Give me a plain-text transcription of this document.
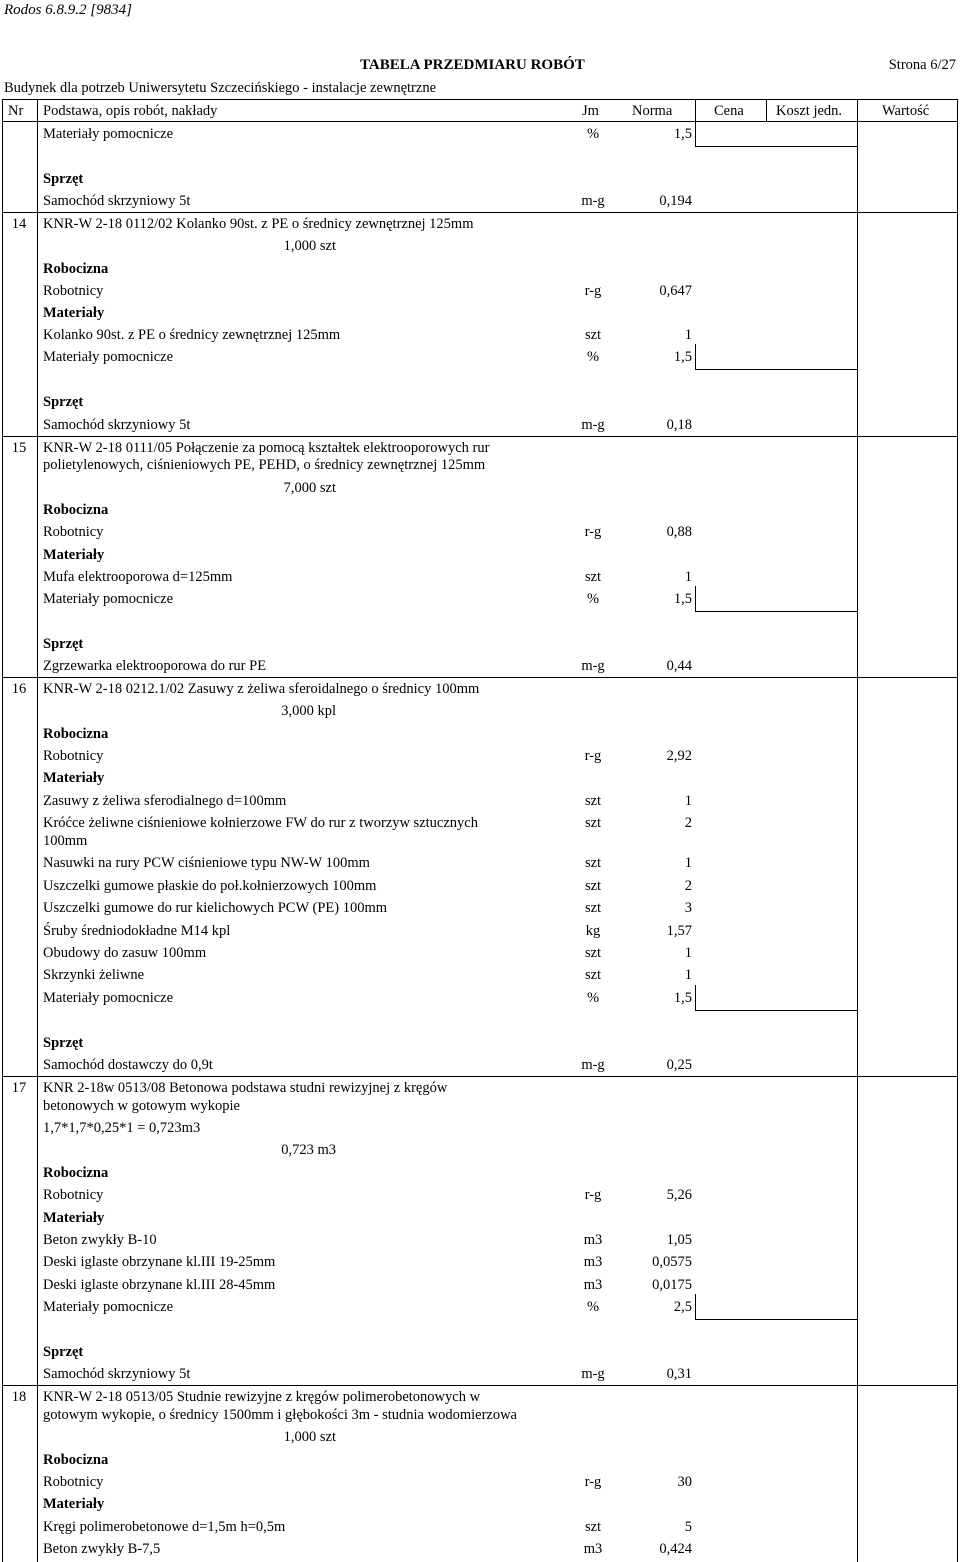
Rodos 6.8.9.2 [9834]
TABELA PRZEDMIARU ROBÓT	Strona 6/27
Budynek dla potrzeb Uniwersytetu Szczecińskiego - instalacje zewnętrzne
Nr Podstawa, opis robót, nakłady	Jm Norma	Cena Koszt jedn.	Wartość
Materiały pomocnicze	%	1,5
Sprzęt
Samochód skrzyniowy 5t	m-g	0,194
14	KNR-W 2-18 0112/02 Kolanko 90st. z PE o średnicy zewnętrznej 125mm
1,000 szt
Robocizna
Robotnicy	r-g	0,647
Materiały
Kolanko 90st. z PE o średnicy zewnętrznej 125mm	szt	1
Materiały pomocnicze	%	1,5
Sprzęt
Samochód skrzyniowy 5t	m-g	0,18
15	KNR-W 2-18 0111/05 Połączenie za pomocą kształtek elektrooporowych rur
polietylenowych, ciśnieniowych PE, PEHD, o średnicy zewnętrznej 125mm
7,000 szt
Robocizna
Robotnicy	r-g	0,88
Materiały
Mufa elektrooporowa d=125mm	szt	1
Materiały pomocnicze	%	1,5
Sprzęt
Zgrzewarka elektrooporowa do rur PE	m-g	0,44
16	KNR-W 2-18 0212.1/02 Zasuwy z żeliwa sferoidalnego o średnicy 100mm
3,000 kpl
Robocizna
Robotnicy	r-g	2,92
Materiały
Zasuwy z żeliwa sferodialnego d=100mm	szt	1
Króćce żeliwne ciśnieniowe kołnierzowe FW do rur z tworzyw sztucznych	szt	2
100mm
Nasuwki na rury PCW ciśnieniowe typu NW-W 100mm	szt	1
Uszczelki gumowe płaskie do poł.kołnierzowych 100mm	szt	2
Uszczelki gumowe do rur kielichowych PCW (PE) 100mm	szt	3
Śruby średniodokładne M14 kpl	kg	1,57
Obudowy do zasuw 100mm	szt	1
Skrzynki żeliwne	szt	1
Materiały pomocnicze	%	1,5
Sprzęt
Samochód dostawczy do 0,9t	m-g	0,25
17	KNR 2-18w 0513/08 Betonowa podstawa studni rewizyjnej z kręgów
betonowych w gotowym wykopie
1,7*1,7*0,25*1 = 0,723m3
0,723 m3
Robocizna
Robotnicy	r-g	5,26
Materiały
Beton zwykły B-10	m3	1,05
Deski iglaste obrzynane kl.III 19-25mm	m3	0,0575
Deski iglaste obrzynane kl.III 28-45mm	m3	0,0175
Materiały pomocnicze	%	2,5
Sprzęt
Samochód skrzyniowy 5t	m-g	0,31
18	KNR-W 2-18 0513/05 Studnie rewizyjne z kręgów polimerobetonowych w
gotowym wykopie, o średnicy 1500mm i głębokości 3m - studnia wodomierzowa
1,000 szt
Robocizna
Robotnicy	r-g	30
Materiały
Kręgi polimerobetonowe d=1,5m h=0,5m	szt	5
Beton zwykły B-7,5	m3	0,424
